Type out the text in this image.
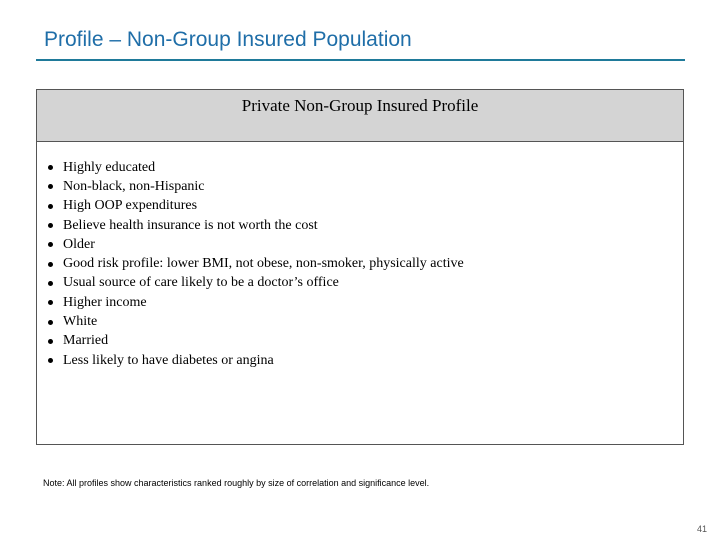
Profile – Non-Group Insured Population
Private Non-Group Insured Profile
Highly educated
Non-black, non-Hispanic
High OOP expenditures
Believe health insurance is not worth the cost
Older
Good risk profile: lower BMI, not obese, non-smoker, physically active
Usual source of care likely to be a doctor’s office
Higher income
White
Married
Less likely to have diabetes or angina
Note: All profiles show characteristics ranked roughly by size of correlation and significance level.
41
